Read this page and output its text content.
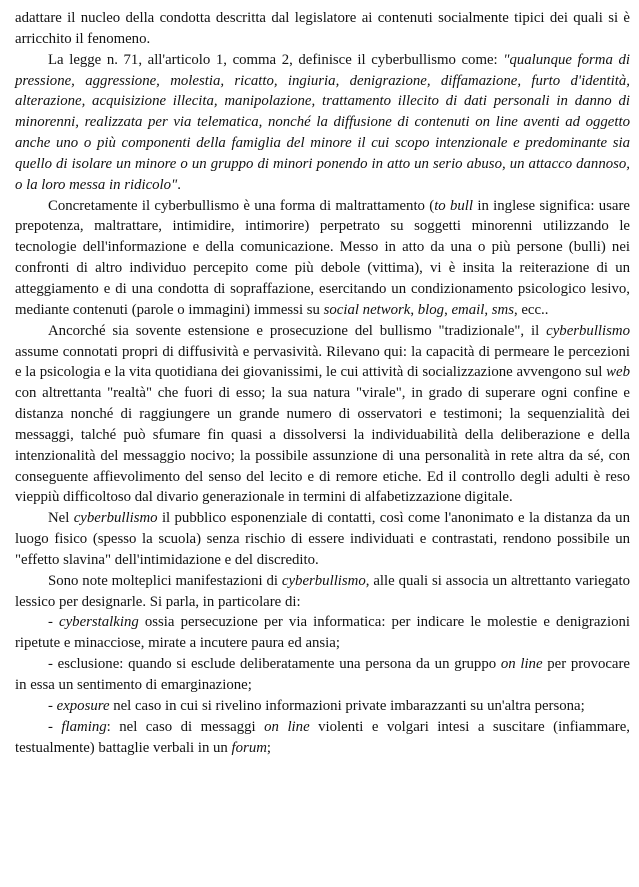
adattare il nucleo della condotta descritta dal legislatore ai contenuti socialmente tipici dei quali si è arricchito il fenomeno.

La legge n. 71, all'articolo 1, comma 2, definisce il cyberbullismo come: "qualunque forma di pressione, aggressione, molestia, ricatto, ingiuria, denigrazione, diffamazione, furto d'identità, alterazione, acquisizione illecita, manipolazione, trattamento illecito di dati personali in danno di minorenni, realizzata per via telematica, nonché la diffusione di contenuti on line aventi ad oggetto anche uno o più componenti della famiglia del minore il cui scopo intenzionale e predominante sia quello di isolare un minore o un gruppo di minori ponendo in atto un serio abuso, un attacco dannoso, o la loro messa in ridicolo".

Concretamente il cyberbullismo è una forma di maltrattamento (to bull in inglese significa: usare prepotenza, maltrattare, intimidire, intimorire) perpetrato su soggetti minorenni utilizzando le tecnologie dell'informazione e della comunicazione. Messo in atto da una o più persone (bulli) nei confronti di altro individuo percepito come più debole (vittima), vi è insita la reiterazione di un atteggiamento e di una condotta di sopraffazione, esercitando un condizionamento psicologico lesivo, mediante contenuti (parole o immagini) immessi su social network, blog, email, sms, ecc..

Ancorché sia sovente estensione e prosecuzione del bullismo "tradizionale", il cyberbullismo assume connotati propri di diffusività e pervasività. Rilevano qui: la capacità di permeare le percezioni e la psicologia e la vita quotidiana dei giovanissimi, le cui attività di socializzazione avvengono sul web con altrettanta "realtà" che fuori di esso; la sua natura "virale", in grado di superare ogni confine e distanza nonché di raggiungere un grande numero di osservatori e testimoni; la sequenzialità dei messaggi, talché può sfumare fin quasi a dissolversi la individuabilità della deliberazione e della intenzionalità del messaggio nocivo; la possibile assunzione di una personalità in rete altra da sé, con conseguente affievolimento del senso del lecito e di remore etiche. Ed il controllo degli adulti è reso vieppiù difficoltoso dal divario generazionale in termini di alfabetizzazione digitale.

Nel cyberbullismo il pubblico esponenziale di contatti, così come l'anonimato e la distanza da un luogo fisico (spesso la scuola) senza rischio di essere individuati e contrastati, rendono possibile un "effetto slavina" dell'intimidazione e del discredito.

Sono note molteplici manifestazioni di cyberbullismo, alle quali si associa un altrettanto variegato lessico per designarle. Si parla, in particolare di:

- cyberstalking ossia persecuzione per via informatica: per indicare le molestie e denigrazioni ripetute e minacciose, mirate a incutere paura ed ansia;

- esclusione: quando si esclude deliberatamente una persona da un gruppo on line per provocare in essa un sentimento di emarginazione;

- exposure nel caso in cui si rivelino informazioni private imbarazzanti su un'altra persona;

- flaming: nel caso di messaggi on line violenti e volgari intesi a suscitare (infiammare, testualmente) battaglie verbali in un forum;
